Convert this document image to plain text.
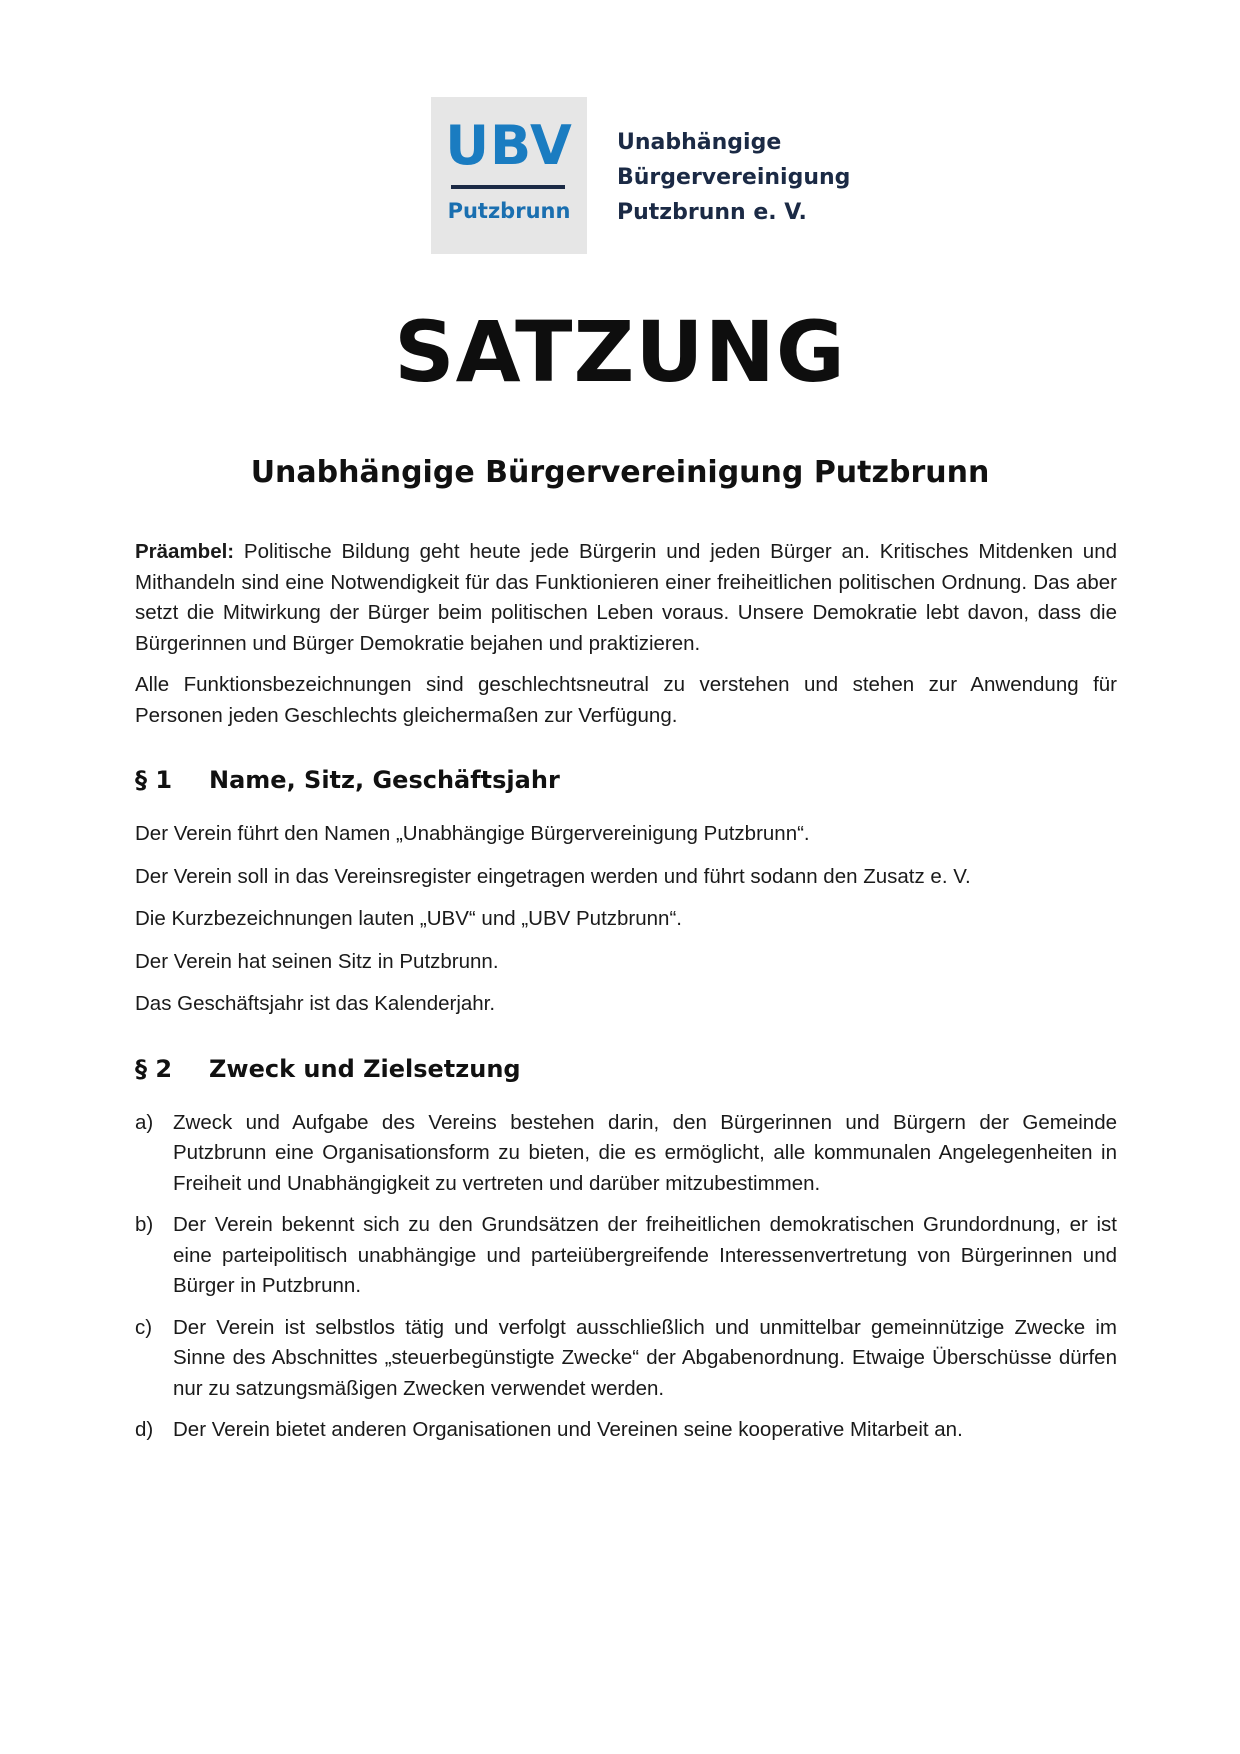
UBV
Putzbrunn
Unabhängige
Bürgervereinigung
Putzbrunn e. V.
SATZUNG
Unabhängige Bürgervereinigung Putzbrunn

Präambel: Politische Bildung geht heute jede Bürgerin und jeden Bürger an. Kritisches Mitdenken und Mithandeln sind eine Notwendigkeit für das Funktionieren einer freiheitlichen politischen Ordnung. Das aber setzt die Mitwirkung der Bürger beim politischen Leben voraus. Unsere Demokratie lebt davon, dass die Bürgerinnen und Bürger Demokratie bejahen und praktizieren.

Alle Funktionsbezeichnungen sind geschlechtsneutral zu verstehen und stehen zur Anwendung für Personen jeden Geschlechts gleichermaßen zur Verfügung.

§ 1	Name, Sitz, Geschäftsjahr
Der Verein führt den Namen „Unabhängige Bürgervereinigung Putzbrunn“.
Der Verein soll in das Vereinsregister eingetragen werden und führt sodann den Zusatz e. V.
Die Kurzbezeichnungen lauten „UBV“ und „UBV Putzbrunn“.
Der Verein hat seinen Sitz in Putzbrunn.
Das Geschäftsjahr ist das Kalenderjahr.
§ 2	Zweck und Zielsetzung
a) Zweck und Aufgabe des Vereins bestehen darin, den Bürgerinnen und Bürgern der Gemeinde Putzbrunn eine Organisationsform zu bieten, die es ermöglicht, alle kommunalen Angelegenheiten in Freiheit und Unabhängigkeit zu vertreten und darüber mitzubestimmen.
b) Der Verein bekennt sich zu den Grundsätzen der freiheitlichen demokratischen Grundordnung, er ist eine parteipolitisch unabhängige und parteiübergreifende Interessenvertretung von Bürgerinnen und Bürger in Putzbrunn.
c)	Der Verein ist selbstlos tätig und verfolgt ausschließlich und unmittelbar gemeinnützige Zwecke im Sinne des Abschnittes „steuerbegünstigte Zwecke“ der Abgabenordnung. Etwaige Überschüsse dürfen nur zu satzungsmäßigen Zwecken verwendet werden.
d) Der Verein bietet anderen Organisationen und Vereinen seine kooperative Mitarbeit an.
